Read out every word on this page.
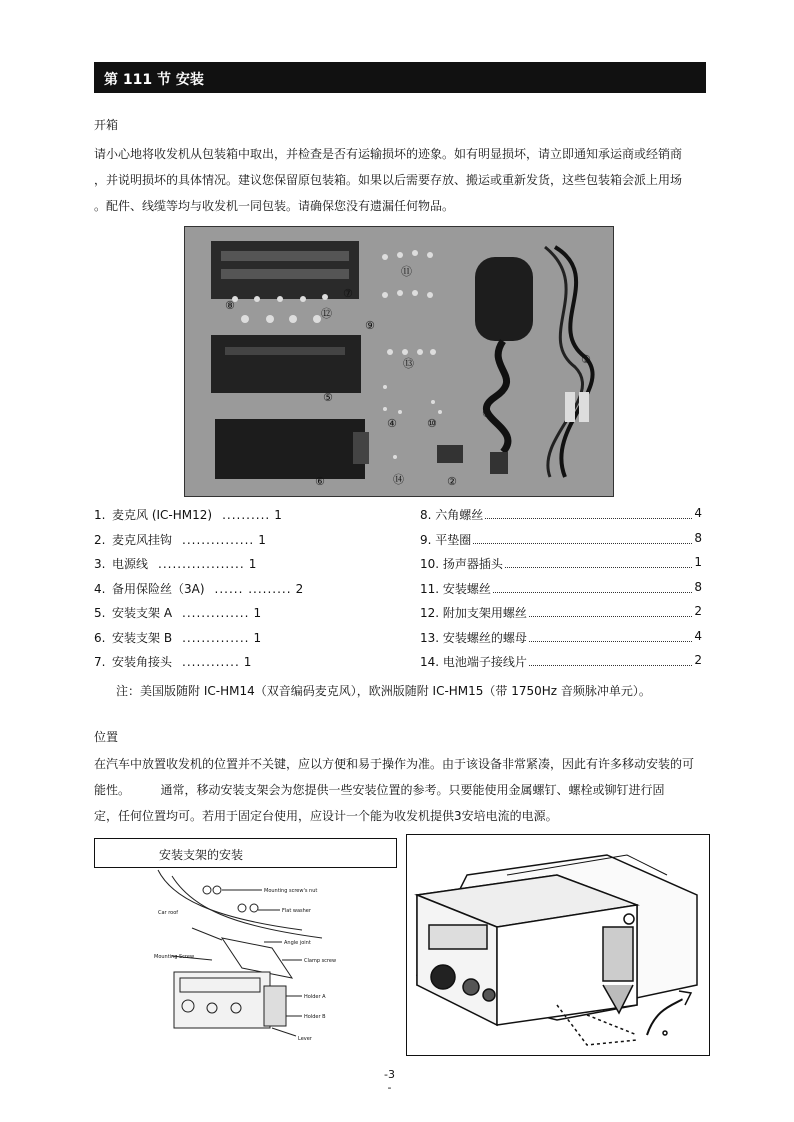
第 111 节 安装
开箱

请小心地将收发机从包装箱中取出，并检查是否有运输损坏的迹象。如有明显损坏，请立即通知承运商或经销商

，并说明损坏的具体情况。建议您保留原包装箱。如果以后需要存放、搬运或重新发货，这些包装箱会派上用场

。配件、线缆等均与收发机一同包装。请确保您没有遗漏任何物品。

①
②
③
④
⑤
⑥
⑦
⑧
⑨
⑩
⑪
⑫
⑬
⑭
1. 麦克风 (IC-HM12) .......... 1
2. 麦克风挂钩 ............... 1
3. 电源线 .................. 1
4. 备用保险丝（3A) ...... ......... 2
5. 安装支架 A .............. 1
6. 安装支架 B .............. 1
7. 安装角接头 ............ 1
8. 六角螺丝	4
9. 平垫圈	8
10. 扬声器插头	1
11. 安装螺丝	8
12. 附加支架用螺丝	2
13. 安装螺丝的螺母	4
14. 电池端子接线片	2
注：美国版随附 IC-HM14（双音编码麦克风），欧洲版随附 IC-HM15（带 1750Hz 音频脉冲单元）。
位置

在汽车中放置收发机的位置并不关键，应以方便和易于操作为准。由于该设备非常紧凑，因此有许多移动安装的可

能性。        通常，移动安装支架会为您提供一些安装位置的参考。只要能使用金属螺钉、螺栓或铆钉进行固

定，任何位置均可。若用于固定台使用，应设计一个能为收发机提供3安培电流的电源。

安装支架的安装
Mounting screw's nut
Flat washer
Car roof
Angle joint
Mounting Screw
Clamp screw
Holder A
Holder B
Lever
-3
-
